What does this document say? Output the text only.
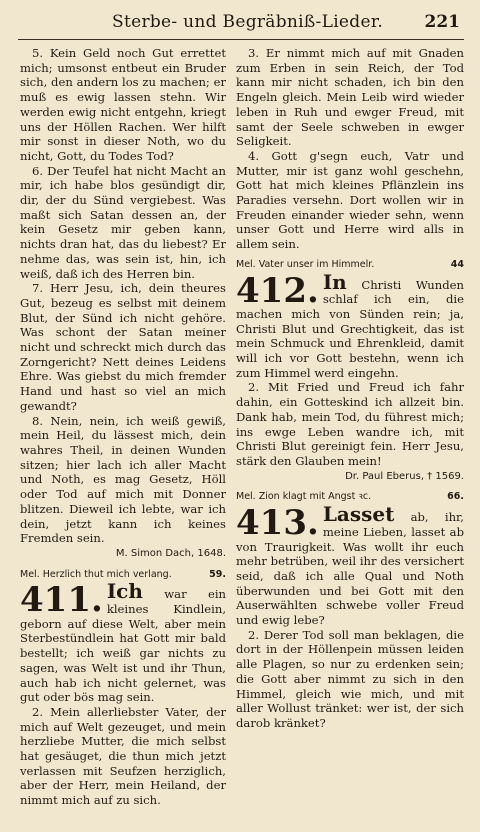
Sterbe- und Begräbniß-Lieder. 221

5. Kein Geld noch Gut errettet mich; umsonst entbeut ein Bruder sich, den andern los zu machen; er muß es ewig lassen stehn. Wir werden ewig nicht entgehn, kriegt uns der Höllen Rachen. Wer hilft mir sonst in dieser Noth, wo du nicht, Gott, du Todes Tod?

6. Der Teufel hat nicht Macht an mir, ich habe blos gesündigt dir, dir, der du Sünd vergiebest. Was maßt sich Satan dessen an, der kein Gesetz mir geben kann, nichts dran hat, das du liebest? Er nehme das, was sein ist, hin, ich weiß, daß ich des Herren bin.

7. Herr Jesu, ich, dein theures Gut, bezeug es selbst mit deinem Blut, der Sünd ich nicht gehöre. Was schont der Satan meiner nicht und schreckt mich durch das Zorngericht? Nett deines Leidens Ehre. Was giebst du mich fremder Hand und hast so viel an mich gewandt?

8. Nein, nein, ich weiß gewiß, mein Heil, du lässest mich, dein wahres Theil, in deinen Wunden sitzen; hier lach ich aller Macht und Noth, es mag Gesetz, Höll oder Tod auf mich mit Donner blitzen. Dieweil ich lebte, war ich dein, jetzt kann ich keines Fremden sein.

M. Simon Dach, 1648.
Mel. Herzlich thut mich verlang.	59.

411. Ich war ein kleines Kindlein, geborn auf diese Welt, aber mein Sterbestündlein hat Gott mir bald bestellt; ich weiß gar nichts zu sagen, was Welt ist und ihr Thun, auch hab ich nicht gelernet, was gut oder bös mag sein.

2. Mein allerliebster Vater, der mich auf Welt gezeuget, und mein herzliebe Mutter, die mich selbst hat gesäuget, die thun mich jetzt verlassen mit Seufzen herziglich, aber der Herr, mein Heiland, der nimmt mich auf zu sich.

3. Er nimmt mich auf mit Gnaden zum Erben in sein Reich, der Tod kann mir nicht schaden, ich bin den Engeln gleich. Mein Leib wird wieder leben in Ruh und ewger Freud, mit samt der Seele schweben in ewger Seligkeit.

4. Gott g'segn euch, Vatr und Mutter, mir ist ganz wohl geschehn, Gott hat mich kleines Pflänzlein ins Paradies versehn. Dort wollen wir in Freuden einander wieder sehn, wenn unser Gott und Herre wird alls in allem sein.

Mel. Vater unser im Himmelr.	44

412. In Christi Wunden schlaf ich ein, die machen mich von Sünden rein; ja, Christi Blut und Grechtigkeit, das ist mein Schmuck und Ehrenkleid, damit will ich vor Gott bestehn, wenn ich zum Himmel werd eingehn.

2. Mit Fried und Freud ich fahr dahin, ein Gotteskind ich allzeit bin. Dank hab, mein Tod, du führest mich; ins ewge Leben wandre ich, mit Christi Blut gereinigt fein. Herr Jesu, stärk den Glauben mein!

Dr. Paul Eberus, † 1569.
Mel. Zion klagt mit Angst ꝛc.	66.

413. Lasset ab, ihr, meine Lieben, lasset ab von Traurigkeit. Was wollt ihr euch mehr betrüben, weil ihr des versichert seid, daß ich alle Qual und Noth überwunden und bei Gott mit den Auserwählten schwebe voller Freud und ewig lebe?

2. Derer Tod soll man beklagen, die dort in der Höllenpein müssen leiden alle Plagen, so nur zu erdenken sein; die Gott aber nimmt zu sich in den Himmel, gleich wie mich, und mit aller Wollust tränket: wer ist, der sich darob kränket?
